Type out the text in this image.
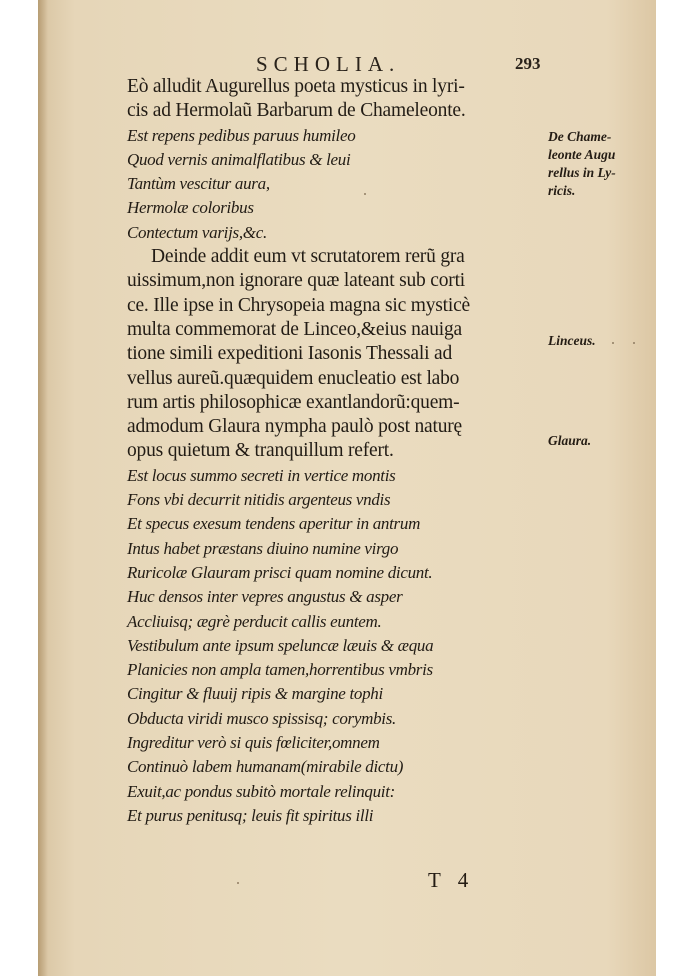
SCHOLIA.	293
Eò alludit Augurellus poeta mysticus in lyri-
cis ad Hermolaũ Barbarum de Chameleonte.
Est repens pedibus paruus humileo
Quod vernis animalflatibus & leui
Tantùm vescitur aura,
Hermolæ coloribus
Contectum varijs,&c.
Deinde addit eum vt scrutatorem rerũ gra
uissimum,non ignorare quæ lateant sub corti
ce. Ille ipse in Chrysopeia magna sic mysticè
multa commemorat de Linceo,&eius nauiga
tione simili expeditioni Iasonis Thessali ad
vellus aureũ.quæquidem enucleatio est labo
rum artis philosophicæ exantlandorũ:quem-
admodum Glaura nympha paulò post naturę
opus quietum & tranquillum refert.
Est locus summo secreti in vertice montis
Fons vbi decurrit nitidis argenteus vndis
Et specus exesum tendens aperitur in antrum
Intus habet præstans diuino numine virgo
Ruricolæ Glauram prisci quam nomine dicunt.
Huc densos inter vepres angustus & asper
Accliuisq; ægrè perducit callis euntem.
Vestibulum ante ipsum speluncæ læuis & æqua
Planicies non ampla tamen,horrentibus vmbris
Cingitur & fluuij ripis & margine tophi
Obducta viridi musco spissisq; corymbis.
Ingreditur verò si quis fœliciter,omnem
Continuò labem humanam(mirabile dictu)
Exuit,ac pondus subitò mortale relinquit:
Et purus penitusq; leuis fit spiritus illi
De Chame-
leonte Augu
rellus in Ly-
ricis.
Linceus.
Glaura.
T 4
